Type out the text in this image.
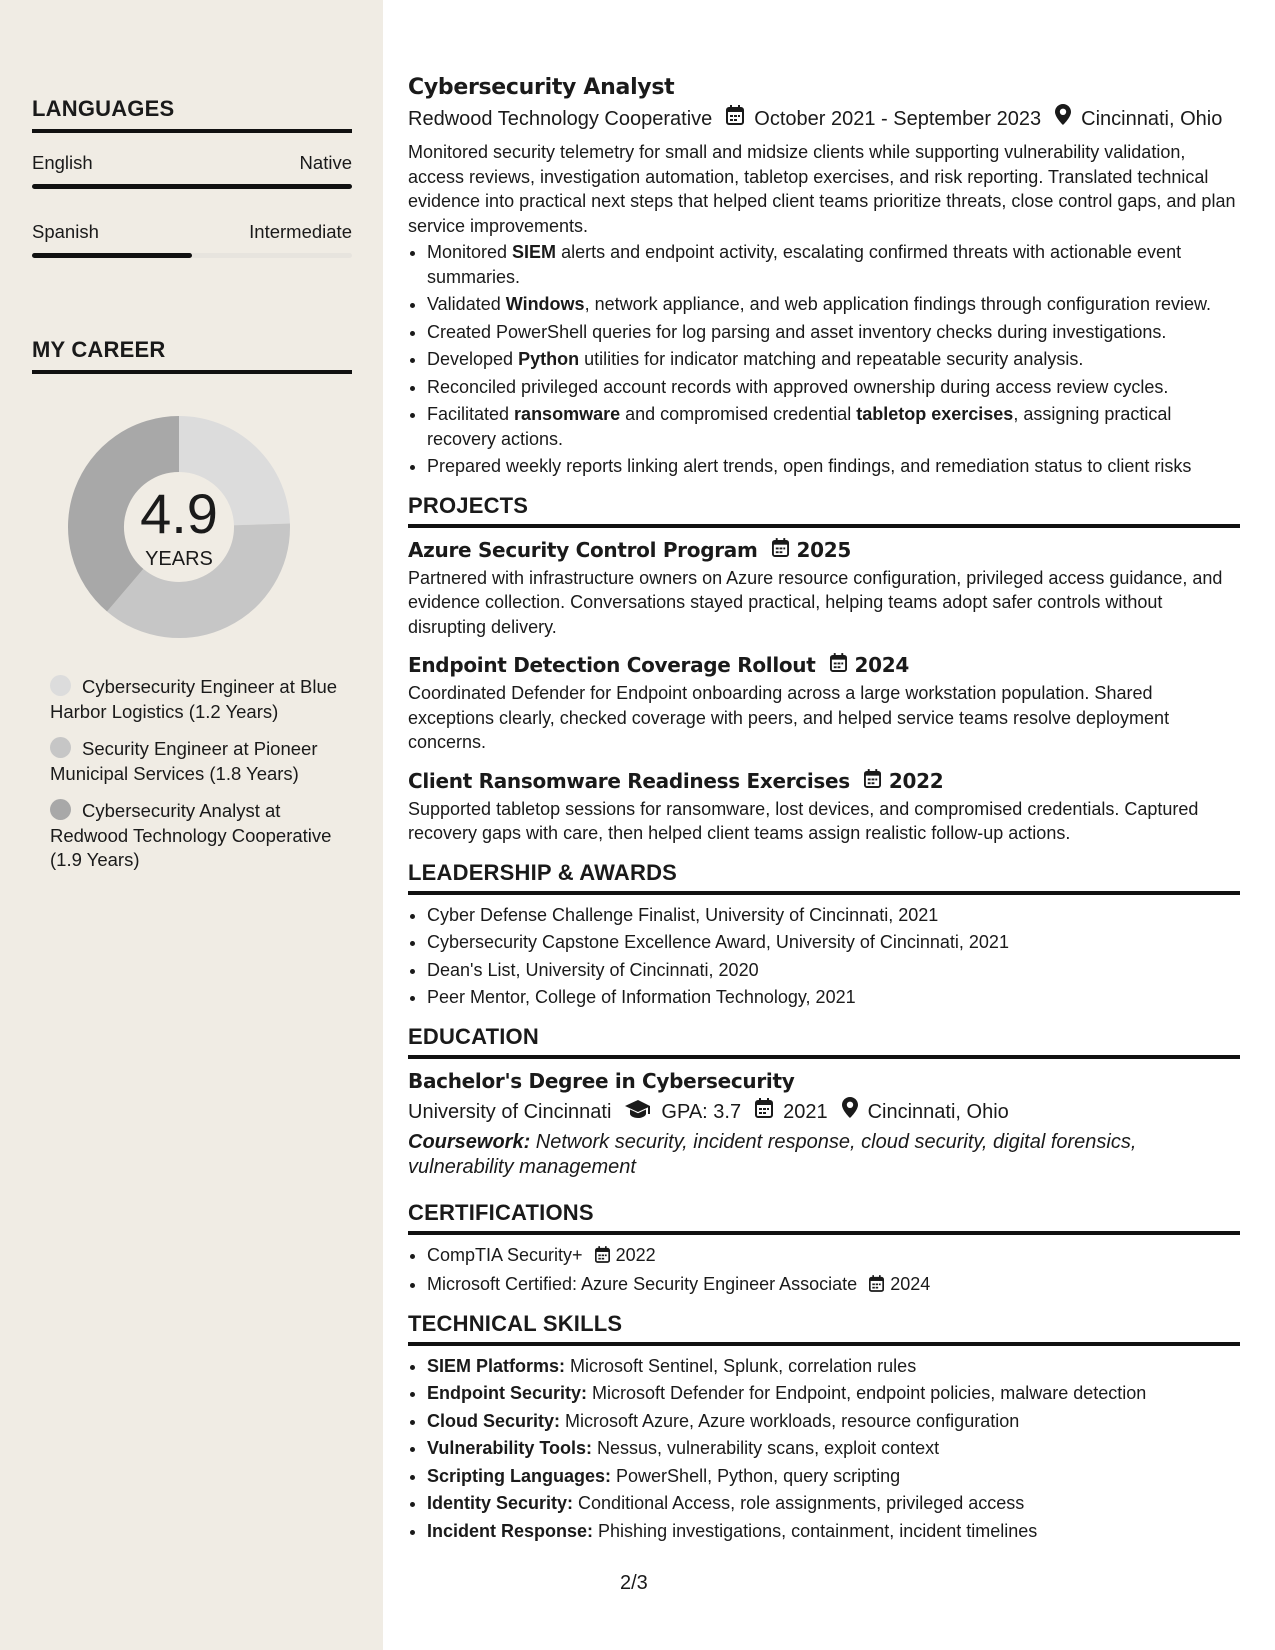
LANGUAGES
English	Native
Spanish	Intermediate
MY CAREER
4.9
YEARS
Cybersecurity Engineer at Blue Harbor Logistics (1.2 Years)
Security Engineer at Pioneer Municipal Services (1.8 Years)
Cybersecurity Analyst at Redwood Technology Cooperative (1.9 Years)
Cybersecurity Analyst
Redwood Technology Cooperative October 2021 - September 2023 Cincinnati, Ohio

Monitored security telemetry for small and midsize clients while supporting vulnerability validation, access reviews, investigation automation, tabletop exercises, and risk reporting. Translated technical evidence into practical next steps that helped client teams prioritize threats, close control gaps, and plan service improvements.

• Monitored SIEM alerts and endpoint activity, escalating confirmed threats with actionable event summaries.
• Validated Windows, network appliance, and web application findings through configuration review.
• Created PowerShell queries for log parsing and asset inventory checks during investigations.
• Developed Python utilities for indicator matching and repeatable security analysis.
• Reconciled privileged account records with approved ownership during access review cycles.
• Facilitated ransomware and compromised credential tabletop exercises, assigning practical recovery actions.
• Prepared weekly reports linking alert trends, open findings, and remediation status to client risks
PROJECTS
Azure Security Control Program 2025

Partnered with infrastructure owners on Azure resource configuration, privileged access guidance, and evidence collection. Conversations stayed practical, helping teams adopt safer controls without disrupting delivery.

Endpoint Detection Coverage Rollout 2024

Coordinated Defender for Endpoint onboarding across a large workstation population. Shared exceptions clearly, checked coverage with peers, and helped service teams resolve deployment concerns.

Client Ransomware Readiness Exercises 2022

Supported tabletop sessions for ransomware, lost devices, and compromised credentials. Captured recovery gaps with care, then helped client teams assign realistic follow-up actions.

LEADERSHIP & AWARDS
• Cyber Defense Challenge Finalist, University of Cincinnati, 2021
• Cybersecurity Capstone Excellence Award, University of Cincinnati, 2021
• Dean's List, University of Cincinnati, 2020
• Peer Mentor, College of Information Technology, 2021
EDUCATION
Bachelor's Degree in Cybersecurity
University of Cincinnati	GPA: 3.7 2021 Cincinnati, Ohio

Coursework: Network security, incident response, cloud security, digital forensics, vulnerability management

CERTIFICATIONS
• CompTIA Security+ 2022
• Microsoft Certified: Azure Security Engineer Associate 2024
TECHNICAL SKILLS
• SIEM Platforms: Microsoft Sentinel, Splunk, correlation rules
• Endpoint Security: Microsoft Defender for Endpoint, endpoint policies, malware detection
• Cloud Security: Microsoft Azure, Azure workloads, resource configuration
• Vulnerability Tools: Nessus, vulnerability scans, exploit context
• Scripting Languages: PowerShell, Python, query scripting
• Identity Security: Conditional Access, role assignments, privileged access
• Incident Response: Phishing investigations, containment, incident timelines
2/3
